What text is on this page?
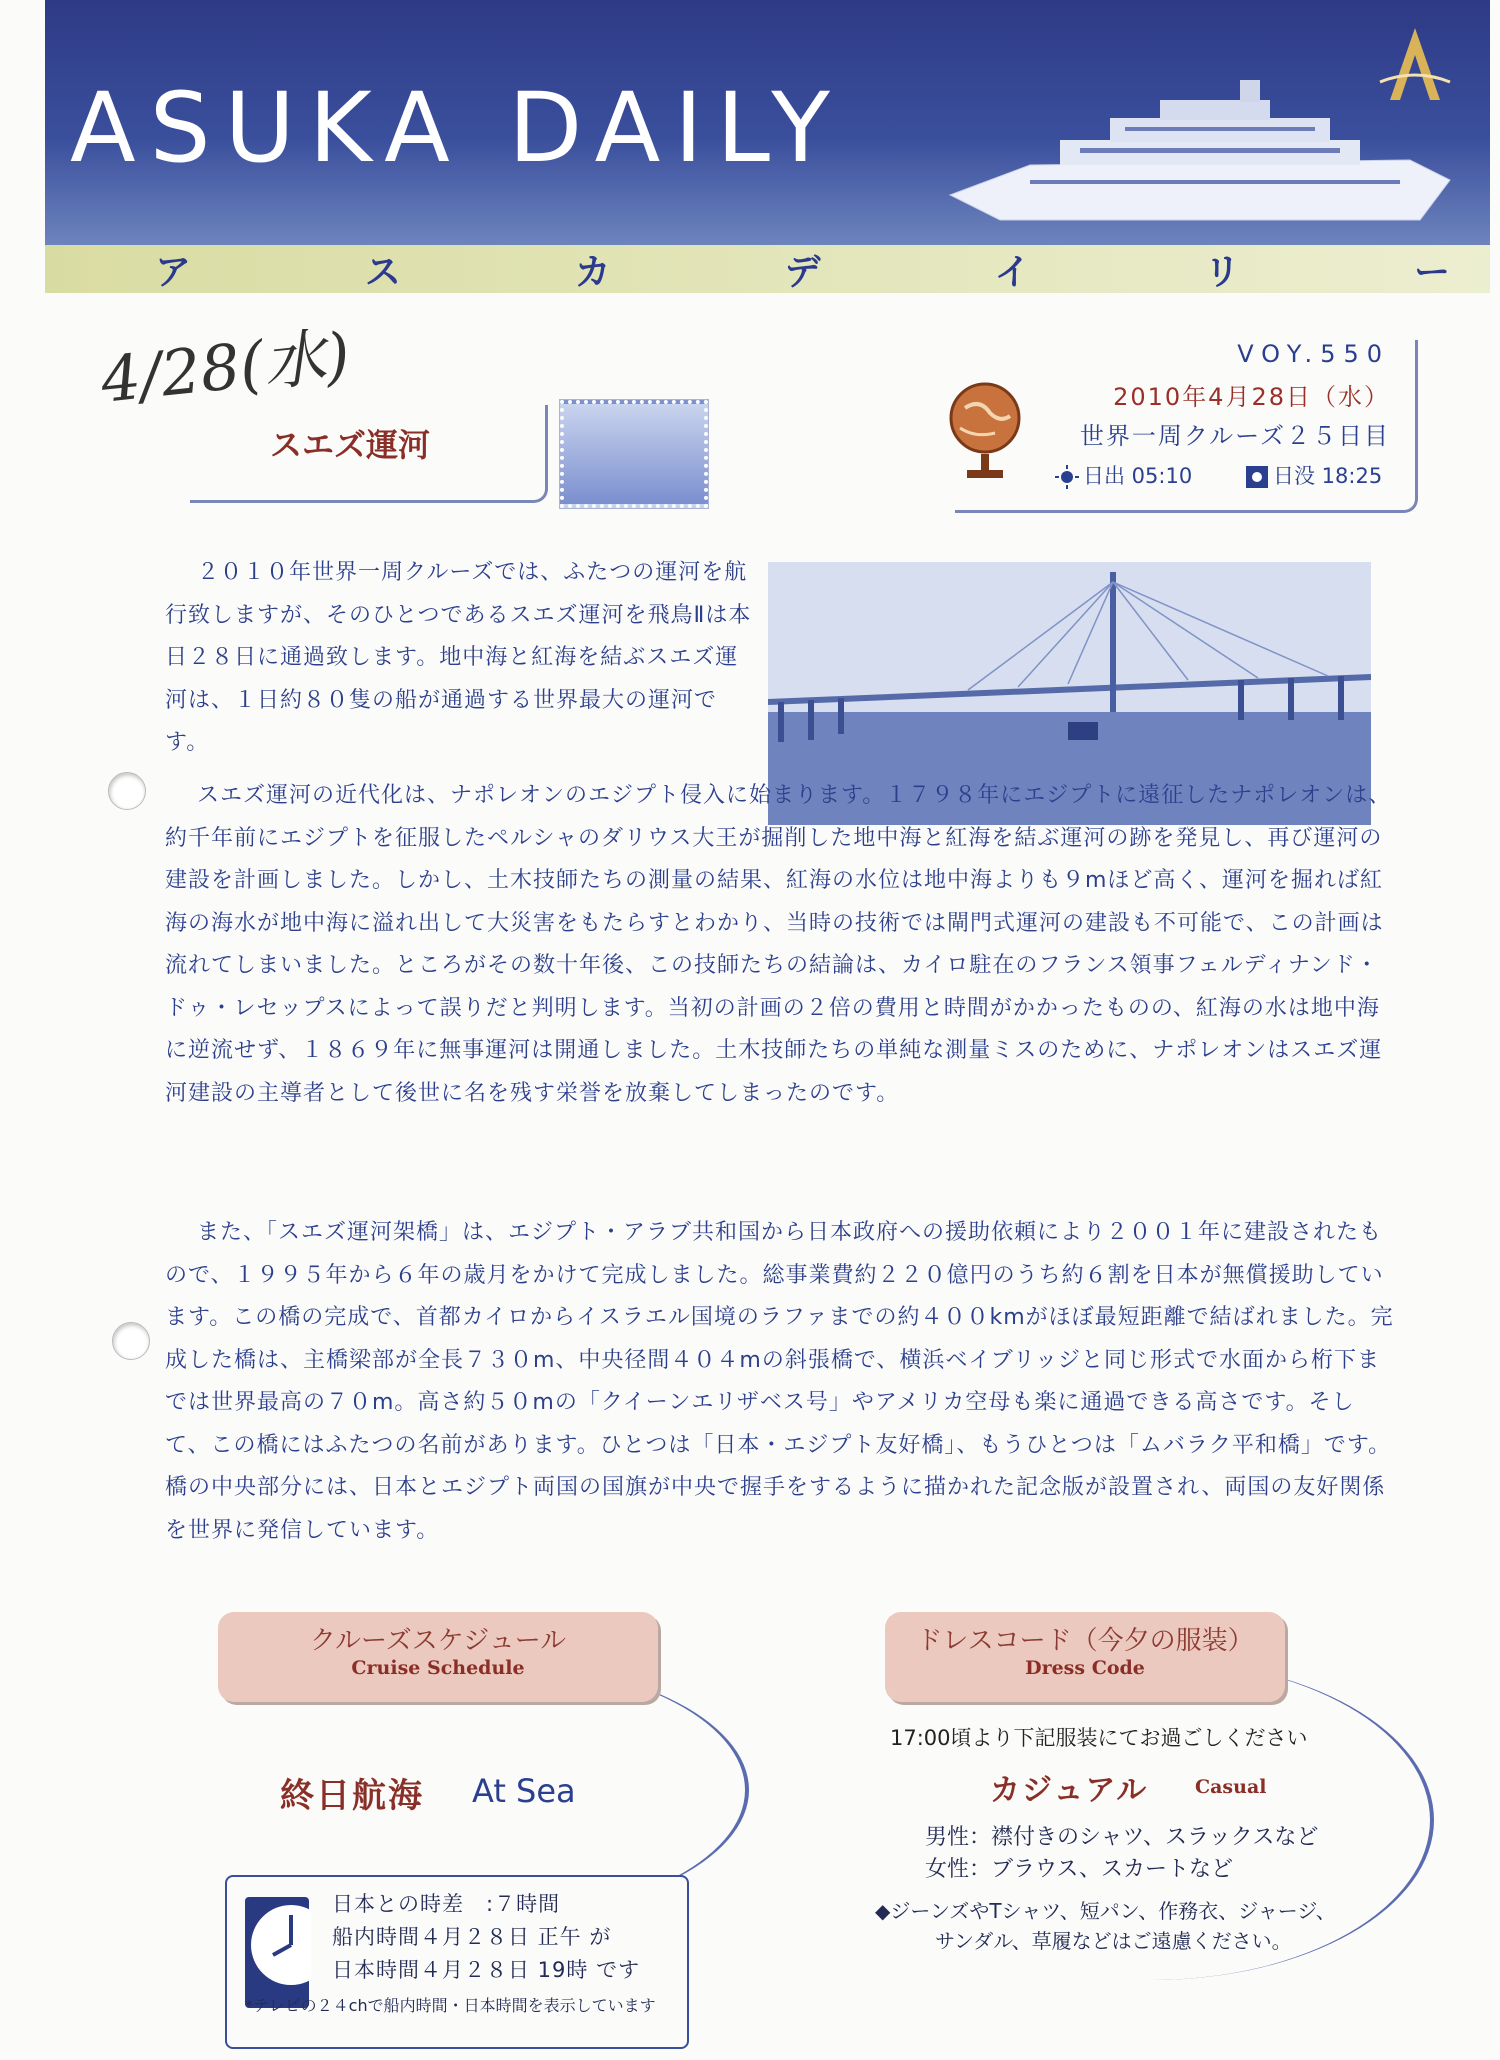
ASUKA DAILY
ア	ス	カ	デ	イ	リ	ー
4/28(水)
スエズ運河
VOY.550
2010年4月28日（水）
世界一周クルーズ２５日目
日出 05:10	日没 18:25
２０１０年世界一周クルーズでは、ふたつの運河を航行致しますが、そのひとつであるスエズ運河を飛鳥Ⅱは本日２８日に通過致します。地中海と紅海を結ぶスエズ運河は、１日約８０隻の船が通過する世界最大の運河です。
スエズ運河の近代化は、ナポレオンのエジプト侵入に始まります。１７９８年にエジプトに遠征したナポレオンは、約千年前にエジプトを征服したペルシャのダリウス大王が掘削した地中海と紅海を結ぶ運河の跡を発見し、再び運河の建設を計画しました。しかし、土木技師たちの測量の結果、紅海の水位は地中海よりも９mほど高く、運河を掘れば紅海の海水が地中海に溢れ出して大災害をもたらすとわかり、当時の技術では閘門式運河の建設も不可能で、この計画は流れてしまいました。ところがその数十年後、この技師たちの結論は、カイロ駐在のフランス領事フェルディナンド・ドゥ・レセップスによって誤りだと判明します。当初の計画の２倍の費用と時間がかかったものの、紅海の水は地中海に逆流せず、１８６９年に無事運河は開通しました。土木技師たちの単純な測量ミスのために、ナポレオンはスエズ運河建設の主導者として後世に名を残す栄誉を放棄してしまったのです。
また、「スエズ運河架橋」は、エジプト・アラブ共和国から日本政府への援助依頼により２００１年に建設されたもので、１９９５年から６年の歳月をかけて完成しました。総事業費約２２０億円のうち約６割を日本が無償援助しています。この橋の完成で、首都カイロからイスラエル国境のラファまでの約４００kmがほぼ最短距離で結ばれました。完成した橋は、主橋梁部が全長７３０m、中央径間４０４mの斜張橋で、横浜ベイブリッジと同じ形式で水面から桁下までは世界最高の７０m。高さ約５０mの「クイーンエリザベス号」やアメリカ空母も楽に通過できる高さです。そして、この橋にはふたつの名前があります。ひとつは「日本・エジプト友好橋」、もうひとつは「ムバラク平和橋」です。橋の中央部分には、日本とエジプト両国の国旗が中央で握手をするように描かれた記念版が設置され、両国の友好関係を世界に発信しています。
クルーズスケジュール
Cruise Schedule
終日航海 At Sea
日本との時差　:７時間
船内時間４月２８日 正午 が
日本時間４月２８日 19時 です
*テレビの２４chで船内時間・日本時間を表示しています
ドレスコード（今夕の服装）
Dress Code
17:00頃より下記服装にてお過ごしください
カジュアル Casual
男性：襟付きのシャツ、スラックスなど
女性：ブラウス、スカートなど
◆ジーンズやTシャツ、短パン、作務衣、ジャージ、
サンダル、草履などはご遠慮ください。
